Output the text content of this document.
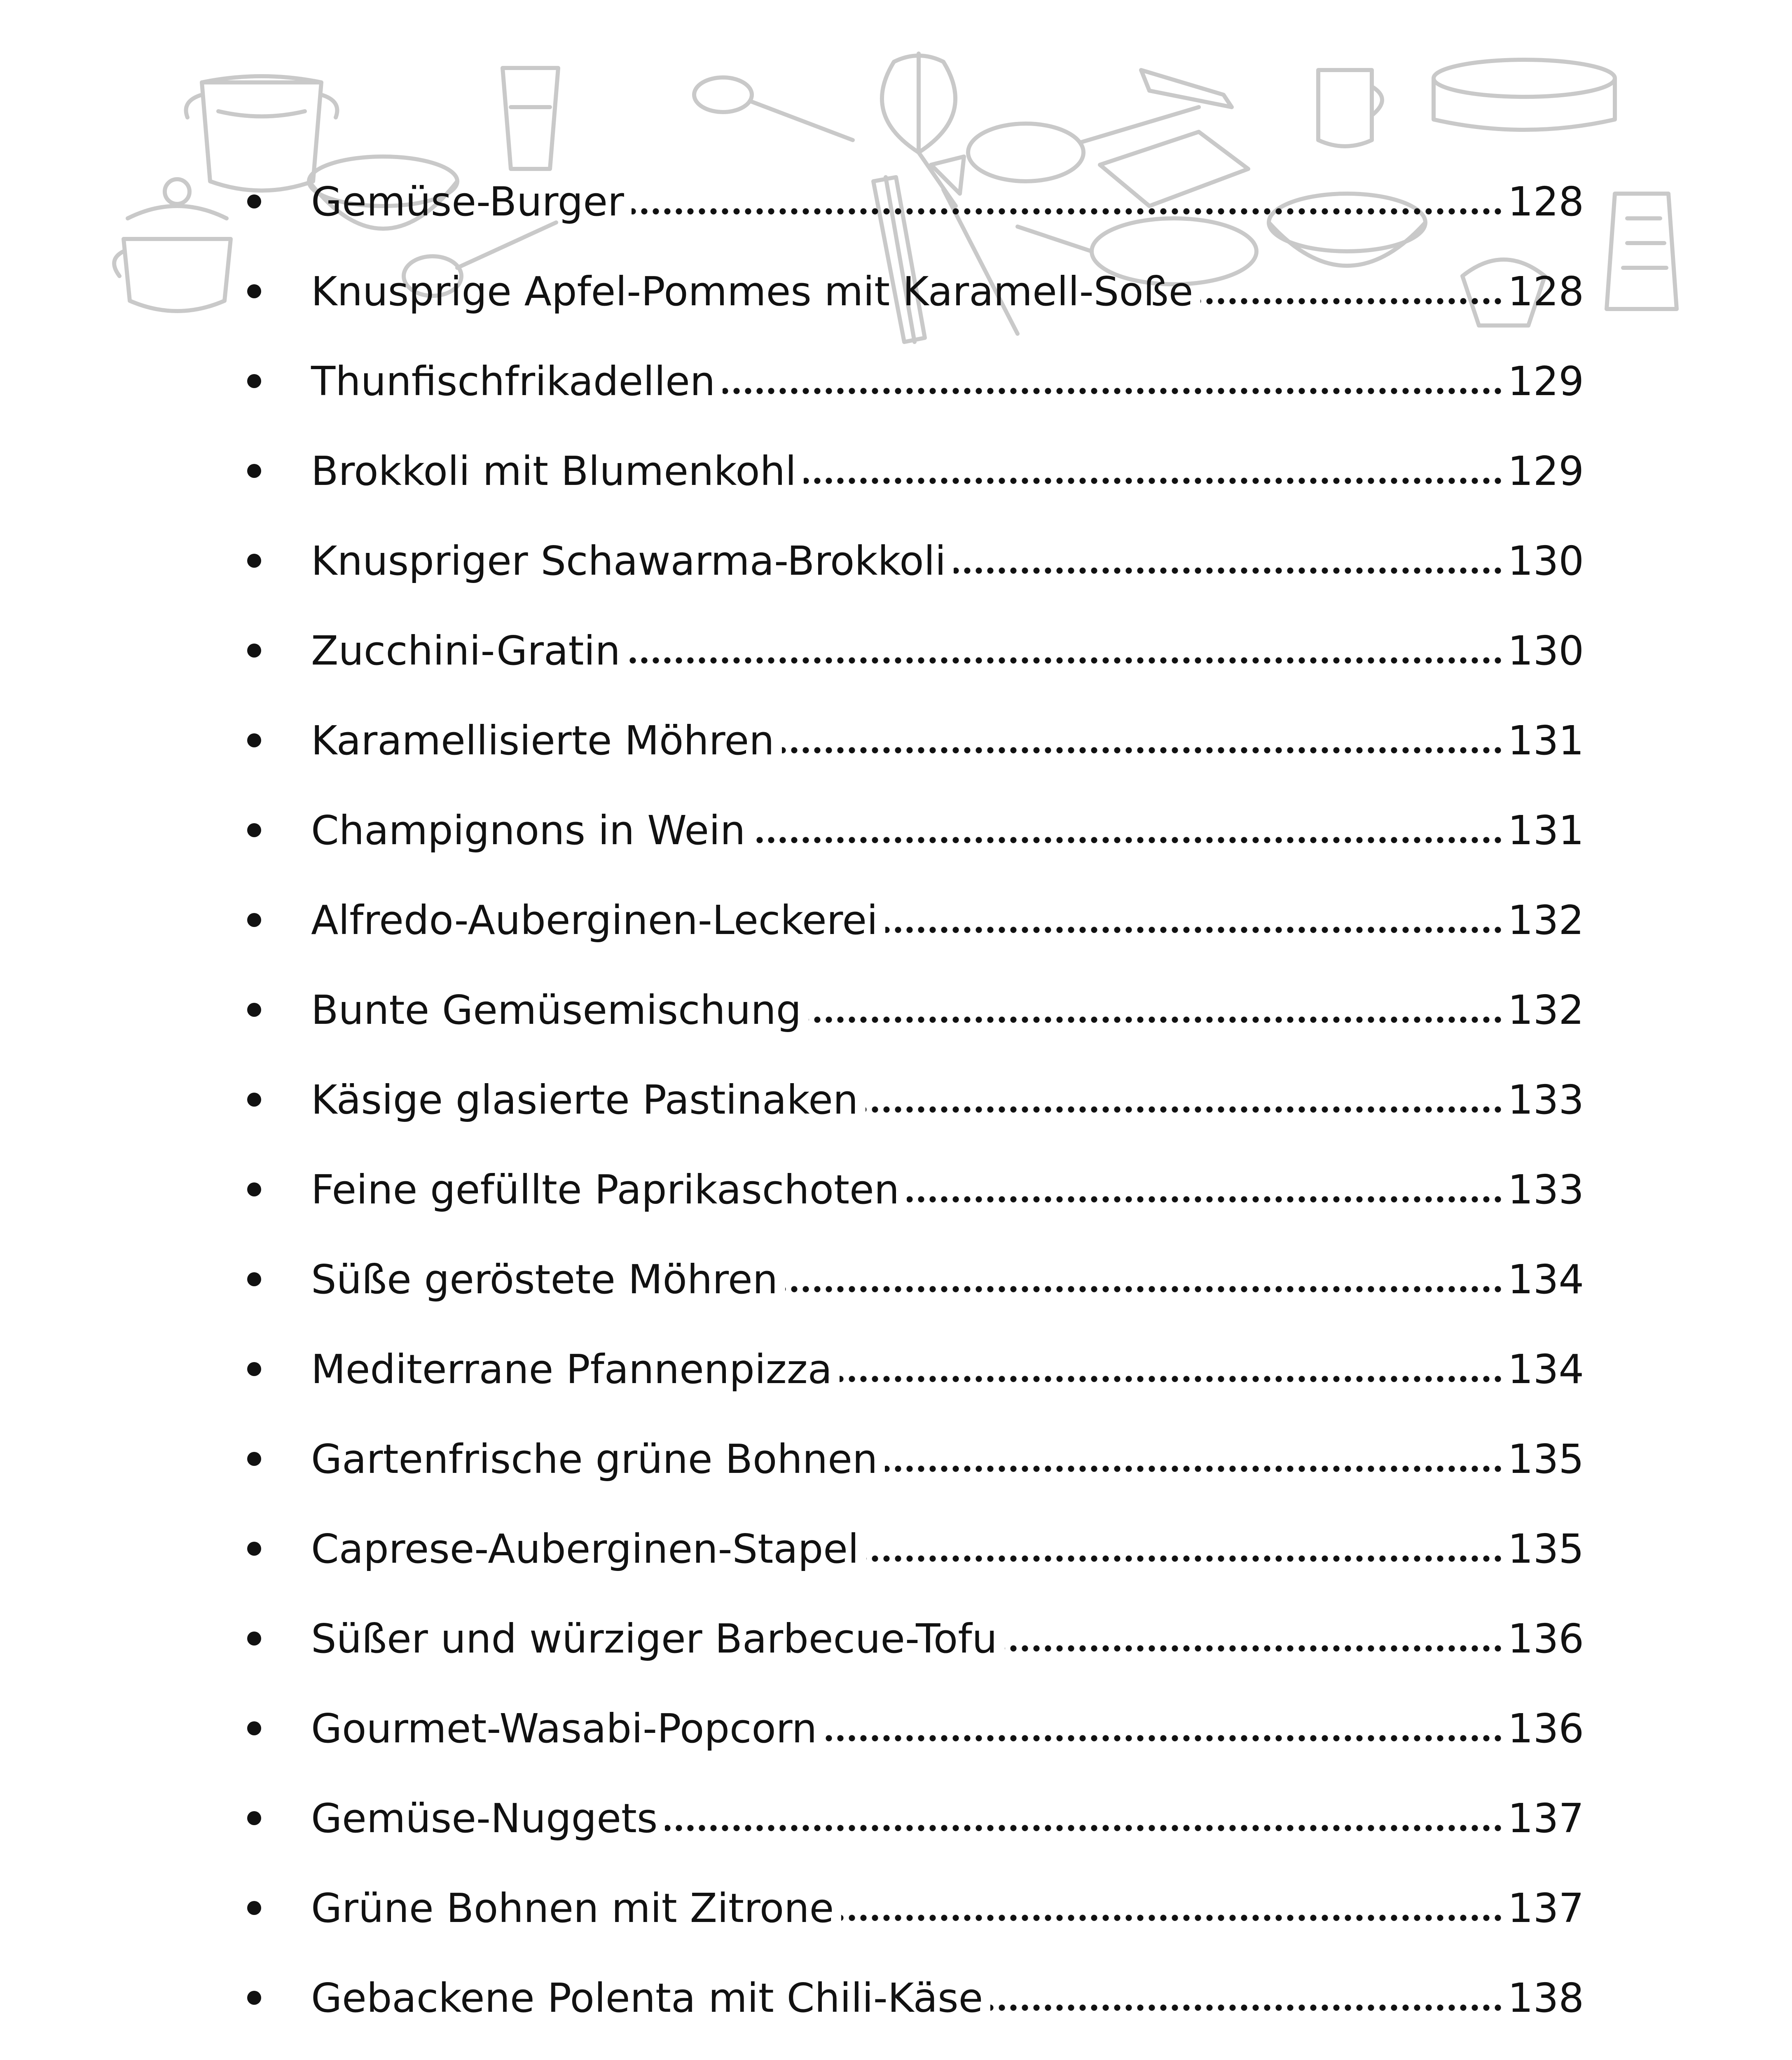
Gemüse-Burger	128
Knusprige Apfel-Pommes mit Karamell-Soße	128
Thunfischfrikadellen	129
Brokkoli mit Blumenkohl	129
Knuspriger Schawarma-Brokkoli	130
Zucchini-Gratin	130
Karamellisierte Möhren	131
Champignons in Wein	131
Alfredo-Auberginen-Leckerei	132
Bunte Gemüsemischung	132
Käsige glasierte Pastinaken	133
Feine gefüllte Paprikaschoten	133
Süße geröstete Möhren	134
Mediterrane Pfannenpizza	134
Gartenfrische grüne Bohnen	135
Caprese-Auberginen-Stapel	135
Süßer und würziger Barbecue-Tofu	136
Gourmet-Wasabi-Popcorn	136
Gemüse-Nuggets	137
Grüne Bohnen mit Zitrone	137
Gebackene Polenta mit Chili-Käse	138
